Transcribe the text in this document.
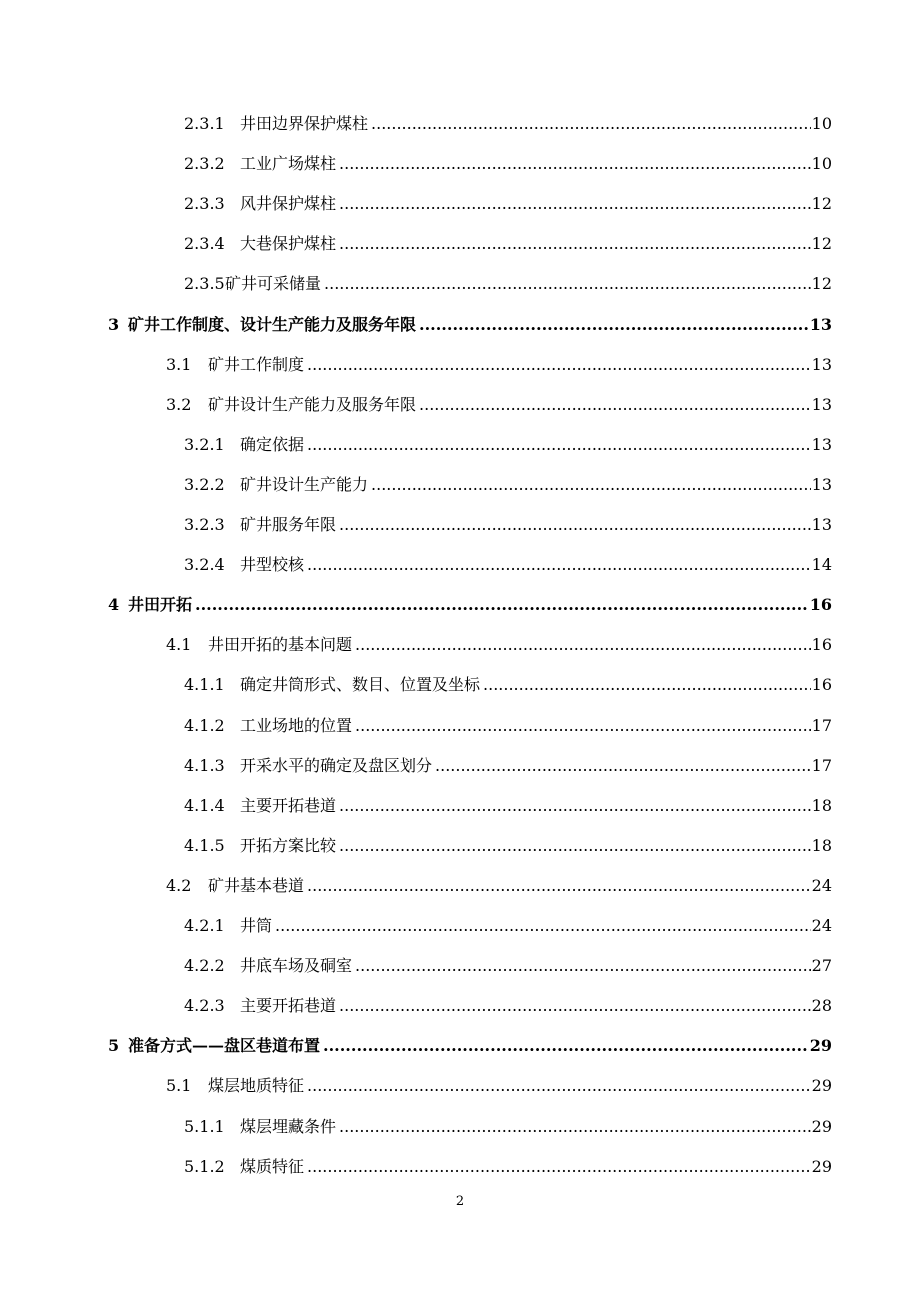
2.3.1 井田边界保护煤柱 .....	10
2.3.2 工业广场煤柱 .....	10
2.3.3 风井保护煤柱 .....	12
2.3.4 大巷保护煤柱 .....	12
2.3.5 矿井可采储量 .....	12
3 矿井工作制度、设计生产能力及服务年限 .....	13
3.1	矿井工作制度 .....	13
3.2	矿井设计生产能力及服务年限 .....	13
3.2.1 确定依据 .....	13
3.2.2 矿井设计生产能力 .....	13
3.2.3 矿井服务年限 .....	13
3.2.4 井型校核 .....	14
4 井田开拓 .....	16
4.1	井田开拓的基本问题 .....	16
4.1.1 确定井筒形式、数目、位置及坐标 .....	16
4.1.2 工业场地的位置 .....	17
4.1.3 开采水平的确定及盘区划分 .....	17
4.1.4 主要开拓巷道 .....	18
4.1.5 开拓方案比较 .....	18
4.2	矿井基本巷道 .....	24
4.2.1 井筒 .....	24
4.2.2 井底车场及硐室 .....	27
4.2.3 主要开拓巷道 .....	28
5 准备方式——盘区巷道布置 .....	29
5.1	煤层地质特征 .....	29
5.1.1 煤层埋藏条件 .....	29
5.1.2 煤质特征 .....	29
2
